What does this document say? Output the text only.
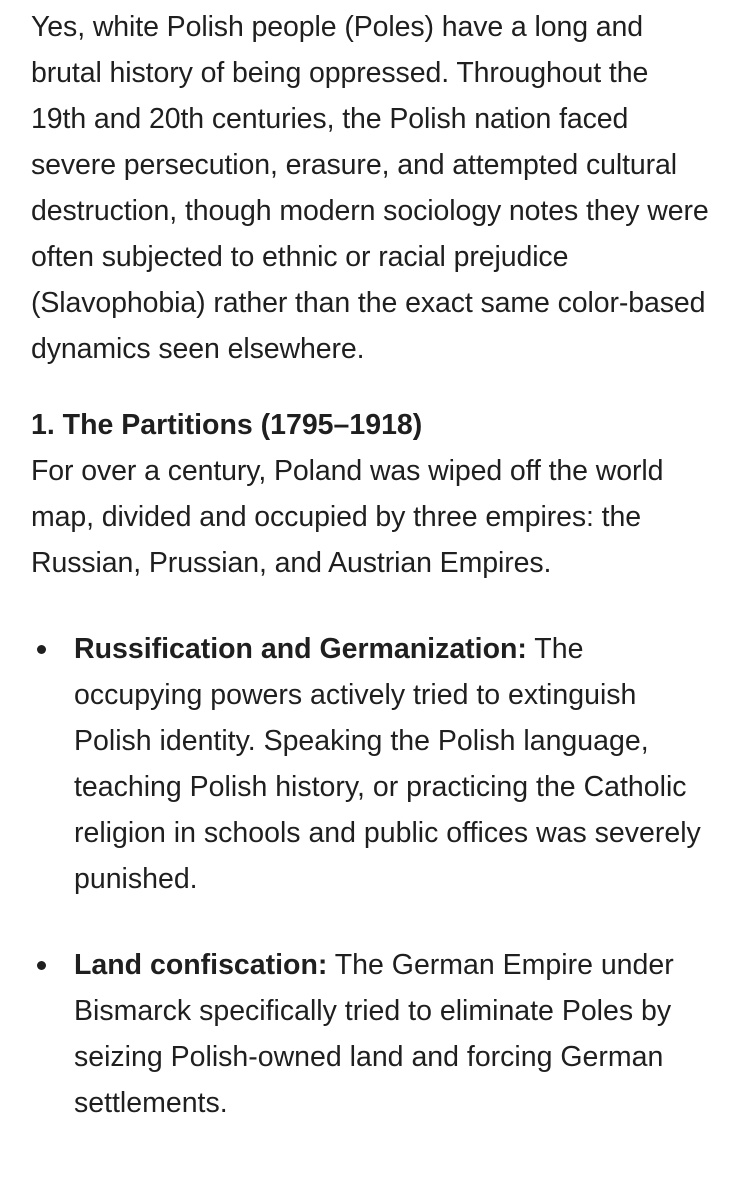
Yes, white Polish people (Poles) have a long and brutal history of being oppressed. Throughout the 19th and 20th centuries, the Polish nation faced severe persecution, erasure, and attempted cultural destruction, though modern sociology notes they were often subjected to ethnic or racial prejudice (Slavophobia) rather than the exact same color-based dynamics seen elsewhere.

1. The Partitions (1795–1918)

For over a century, Poland was wiped off the world map, divided and occupied by three empires: the Russian, Prussian, and Austrian Empires.

Russification and Germanization: The occupying powers actively tried to extinguish Polish identity. Speaking the Polish language, teaching Polish history, or practicing the Catholic religion in schools and public offices was severely punished.
Land confiscation: The German Empire under Bismarck specifically tried to eliminate Poles by seizing Polish-owned land and forcing German settlements.
